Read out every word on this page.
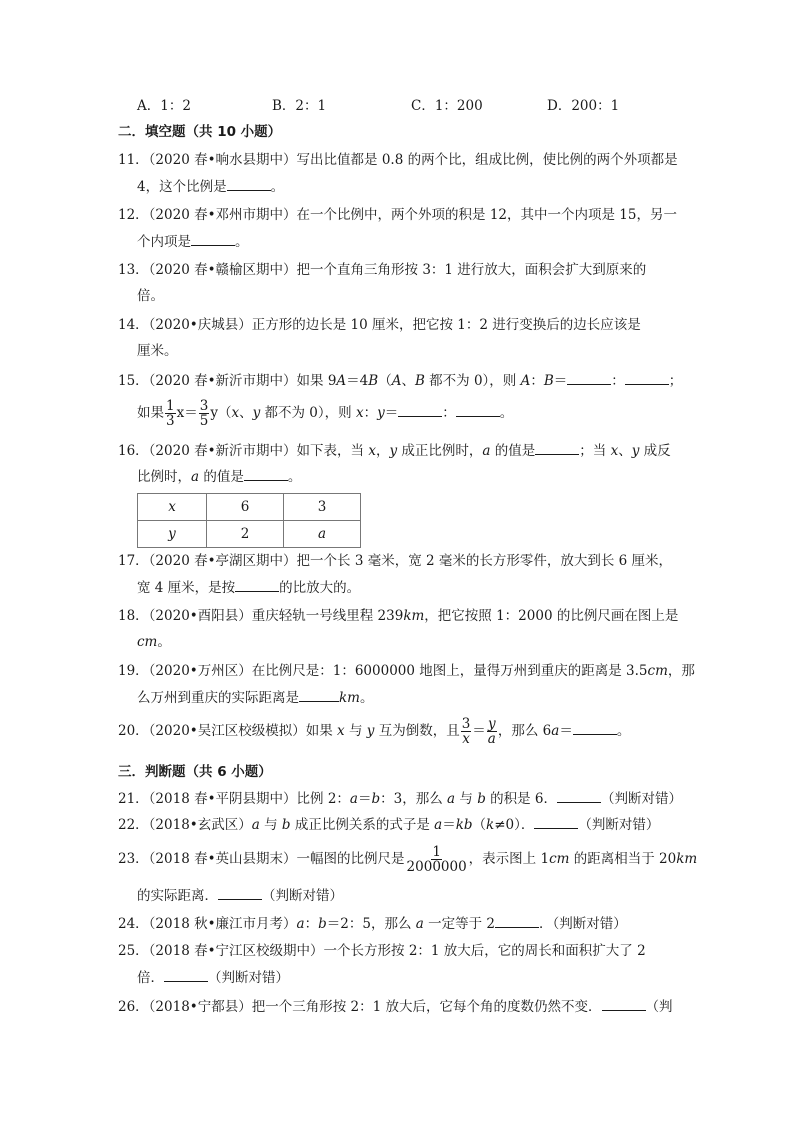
A．1：2	B．2：1	C．1：200	D．200：1
二．填空题（共 10 小题）
11．（2020 春•响水县期中）写出比值都是 0.8 的两个比，组成比例，使比例的两个外项都是
4，这个比例是	。
12．（2020 春•邓州市期中）在一个比例中，两个外项的积是 12，其中一个内项是 15，另一
个内项是	。
13．（2020 春•赣榆区期中）把一个直角三角形按 3：1 进行放大，面积会扩大到原来的
倍。
14．（2020•庆城县）正方形的边长是 10 厘米，把它按 1：2 进行变换后的边长应该是
厘米。
15．（2020 春•新沂市期中）如果 9A＝4B（A、B 都不为 0），则 A：B＝	：	；
如果 $\frac{1}{3} x= \frac{3}{5} y(x$、y 都不为 0），则 x：y＝	：	。
16．（2020 春•新沂市期中）如下表，当 x，y 成正比例时，a 的值是	；当 x、y 成反
比例时，a 的值是	。
x	6	3
y	2	a
17．（2020 春•亭湖区期中）把一个长 3 毫米，宽 2 毫米的长方形零件，放大到长 6 厘米，
宽 4 厘米，是按	的比放大的。
18．（2020•酉阳县）重庆轻轨一号线里程 239km，把它按照 1：2000 的比例尺画在图上是
cm。
19．（2020•万州区）在比例尺是：1：6000000 地图上，量得万州到重庆的距离是 3.5cm，那
么万州到重庆的实际距离是	km。
20．（2020•吴江区校级模拟）如果 x 与 y 互为倒数，且 $\frac{3}{x} = \frac{y}{a}$ ，那么 6a＝	。
三．判断题（共 6 小题）
21．（2018 春•平阴县期中）比例 2：a＝b：3，那么 a 与 b 的积是 6．	（判断对错）
22．（2018•玄武区）a 与 b 成正比例关系的式子是 a＝kb（k≠0）．	（判断对错）
23．（2018 春•英山县期末）一幅图的比例尺是 $\frac{1}{2000000}$ ，表示图上 1cm 的距离相当于 20km
的实际距离．	（判断对错）
24．（2018 秋•廉江市月考）a：b＝2：5，那么 a 一定等于 2	．（判断对错）
25．（2018 春•宁江区校级期中）一个长方形按 2：1 放大后，它的周长和面积扩大了 2
倍．	（判断对错）
26．（2018•宁都县）把一个三角形按 2：1 放大后，它每个角的度数仍然不变．	（判
